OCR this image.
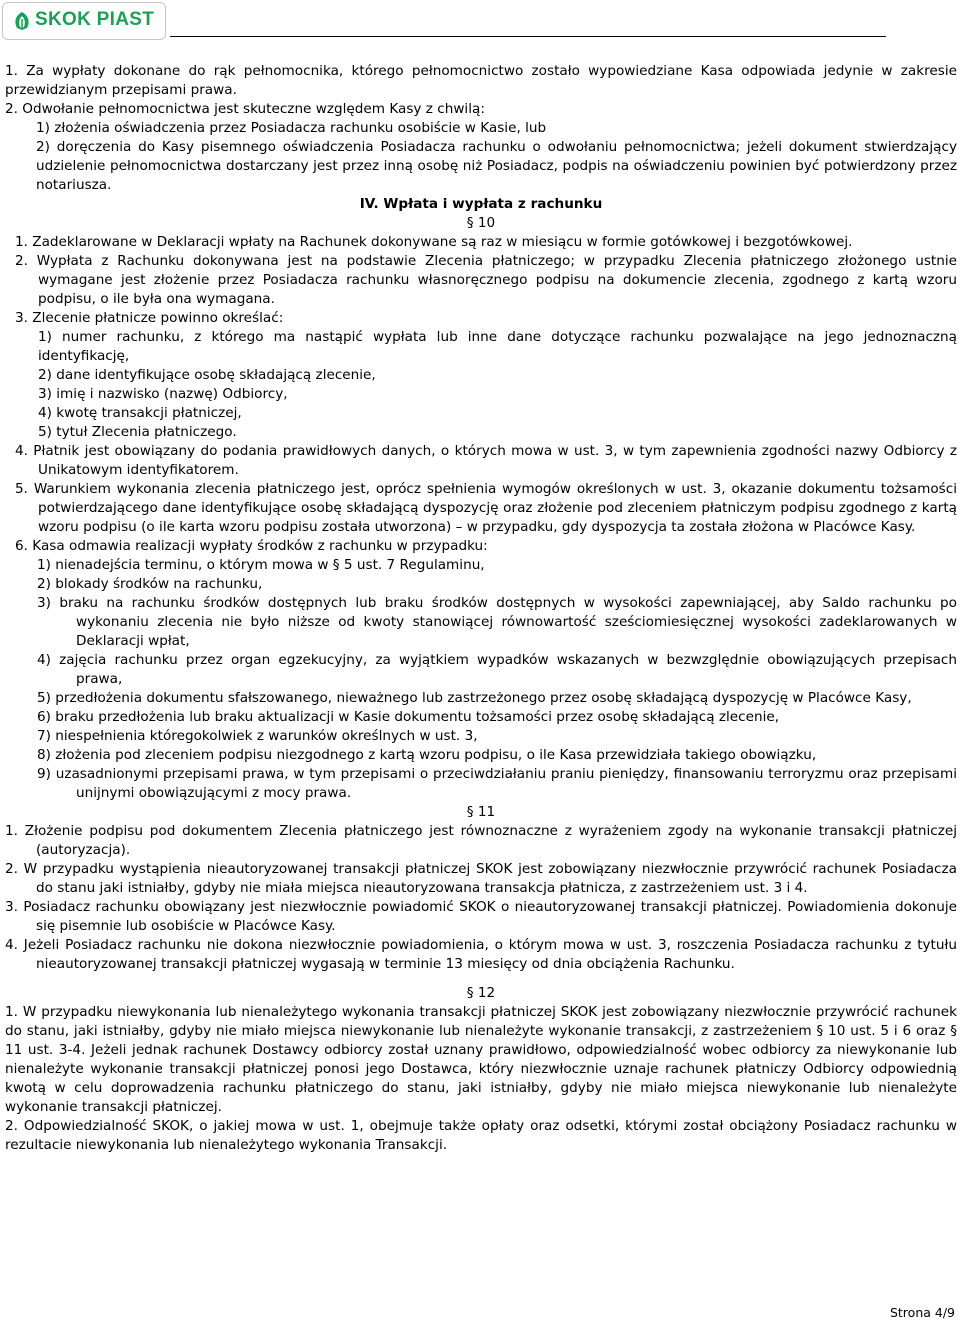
SKOK PIAST

1. Za wypłaty dokonane do rąk pełnomocnika, którego pełnomocnictwo zostało wypowiedziane Kasa odpowiada jedynie w zakresie przewidzianym przepisami prawa.

2. Odwołanie pełnomocnictwa jest skuteczne względem Kasy z chwilą:

1) złożenia oświadczenia przez Posiadacza rachunku osobiście w Kasie, lub

2) doręczenia do Kasy pisemnego oświadczenia Posiadacza rachunku o odwołaniu pełnomocnictwa; jeżeli dokument stwierdzający udzielenie pełnomocnictwa dostarczany jest przez inną osobę niż Posiadacz, podpis na oświadczeniu powinien być potwierdzony przez notariusza.

IV. Wpłata i wypłata z rachunku

§ 10

1. Zadeklarowane w Deklaracji wpłaty na Rachunek dokonywane są raz w miesiącu w formie gotówkowej i bezgotówkowej.

2. Wypłata z Rachunku dokonywana jest na podstawie Zlecenia płatniczego; w przypadku Zlecenia płatniczego złożonego ustnie wymagane jest złożenie przez Posiadacza rachunku własnoręcznego podpisu na dokumencie zlecenia, zgodnego z kartą wzoru podpisu, o ile była ona wymagana.

3. Zlecenie płatnicze powinno określać:

1) numer rachunku, z którego ma nastąpić wypłata lub inne dane dotyczące rachunku pozwalające na jego jednoznaczną identyfikację,

2) dane identyfikujące osobę składającą zlecenie,

3) imię i nazwisko (nazwę) Odbiorcy,

4) kwotę transakcji płatniczej,

5) tytuł Zlecenia płatniczego.

4. Płatnik jest obowiązany do podania prawidłowych danych, o których mowa w ust. 3, w tym zapewnienia zgodności nazwy Odbiorcy z Unikatowym identyfikatorem.

5. Warunkiem wykonania zlecenia płatniczego jest, oprócz spełnienia wymogów określonych w ust. 3, okazanie dokumentu tożsamości potwierdzającego dane identyfikujące osobę składającą dyspozycję oraz złożenie pod zleceniem płatniczym podpisu zgodnego z kartą wzoru podpisu (o ile karta wzoru podpisu została utworzona) – w przypadku, gdy dyspozycja ta została złożona w Placówce Kasy.

6. Kasa odmawia realizacji wypłaty środków z rachunku w przypadku:

1) nienadejścia terminu, o którym mowa w § 5 ust. 7 Regulaminu,

2) blokady środków na rachunku,

3) braku na rachunku środków dostępnych lub braku środków dostępnych w wysokości zapewniającej, aby Saldo rachunku po wykonaniu zlecenia nie było niższe od kwoty stanowiącej równowartość sześciomiesięcznej wysokości zadeklarowanych w Deklaracji wpłat,

4) zajęcia rachunku przez organ egzekucyjny, za wyjątkiem wypadków wskazanych w bezwzględnie obowiązujących przepisach prawa,

5) przedłożenia dokumentu sfałszowanego, nieważnego lub zastrzeżonego przez osobę składającą dyspozycję w Placówce Kasy,

6) braku przedłożenia lub braku aktualizacji w Kasie dokumentu tożsamości przez osobę składającą zlecenie,

7) niespełnienia któregokolwiek z warunków określnych w ust. 3,

8) złożenia pod zleceniem podpisu niezgodnego z kartą wzoru podpisu, o ile Kasa przewidziała takiego obowiązku,

9) uzasadnionymi przepisami prawa, w tym przepisami o przeciwdziałaniu praniu pieniędzy, finansowaniu terroryzmu oraz przepisami unijnymi obowiązującymi z mocy prawa.

§ 11

1. Złożenie podpisu pod dokumentem Zlecenia płatniczego jest równoznaczne z wyrażeniem zgody na wykonanie transakcji płatniczej (autoryzacja).

2. W przypadku wystąpienia nieautoryzowanej transakcji płatniczej SKOK jest zobowiązany niezwłocznie przywrócić rachunek Posiadacza do stanu jaki istniałby, gdyby nie miała miejsca nieautoryzowana transakcja płatnicza, z zastrzeżeniem ust. 3 i 4.

3. Posiadacz rachunku obowiązany jest niezwłocznie powiadomić SKOK o nieautoryzowanej transakcji płatniczej. Powiadomienia dokonuje się pisemnie lub osobiście w Placówce Kasy.

4. Jeżeli Posiadacz rachunku nie dokona niezwłocznie powiadomienia, o którym mowa w ust. 3, roszczenia Posiadacza rachunku z tytułu nieautoryzowanej transakcji płatniczej wygasają w terminie 13 miesięcy od dnia obciążenia Rachunku.

§ 12

1. W przypadku niewykonania lub nienależytego wykonania transakcji płatniczej SKOK jest zobowiązany niezwłocznie przywrócić rachunek do stanu, jaki istniałby, gdyby nie miało miejsca niewykonanie lub nienależyte wykonanie transakcji, z zastrzeżeniem § 10 ust. 5 i 6 oraz § 11 ust. 3-4. Jeżeli jednak rachunek Dostawcy odbiorcy został uznany prawidłowo, odpowiedzialność wobec odbiorcy za niewykonanie lub nienależyte wykonanie transakcji płatniczej ponosi jego Dostawca, który niezwłocznie uznaje rachunek płatniczy Odbiorcy odpowiednią kwotą w celu doprowadzenia rachunku płatniczego do stanu, jaki istniałby, gdyby nie miało miejsca niewykonanie lub nienależyte wykonanie transakcji płatniczej.

2. Odpowiedzialność SKOK, o jakiej mowa w ust. 1, obejmuje także opłaty oraz odsetki, którymi został obciążony Posiadacz rachunku w rezultacie niewykonania lub nienależytego wykonania Transakcji.

Strona 4/9
